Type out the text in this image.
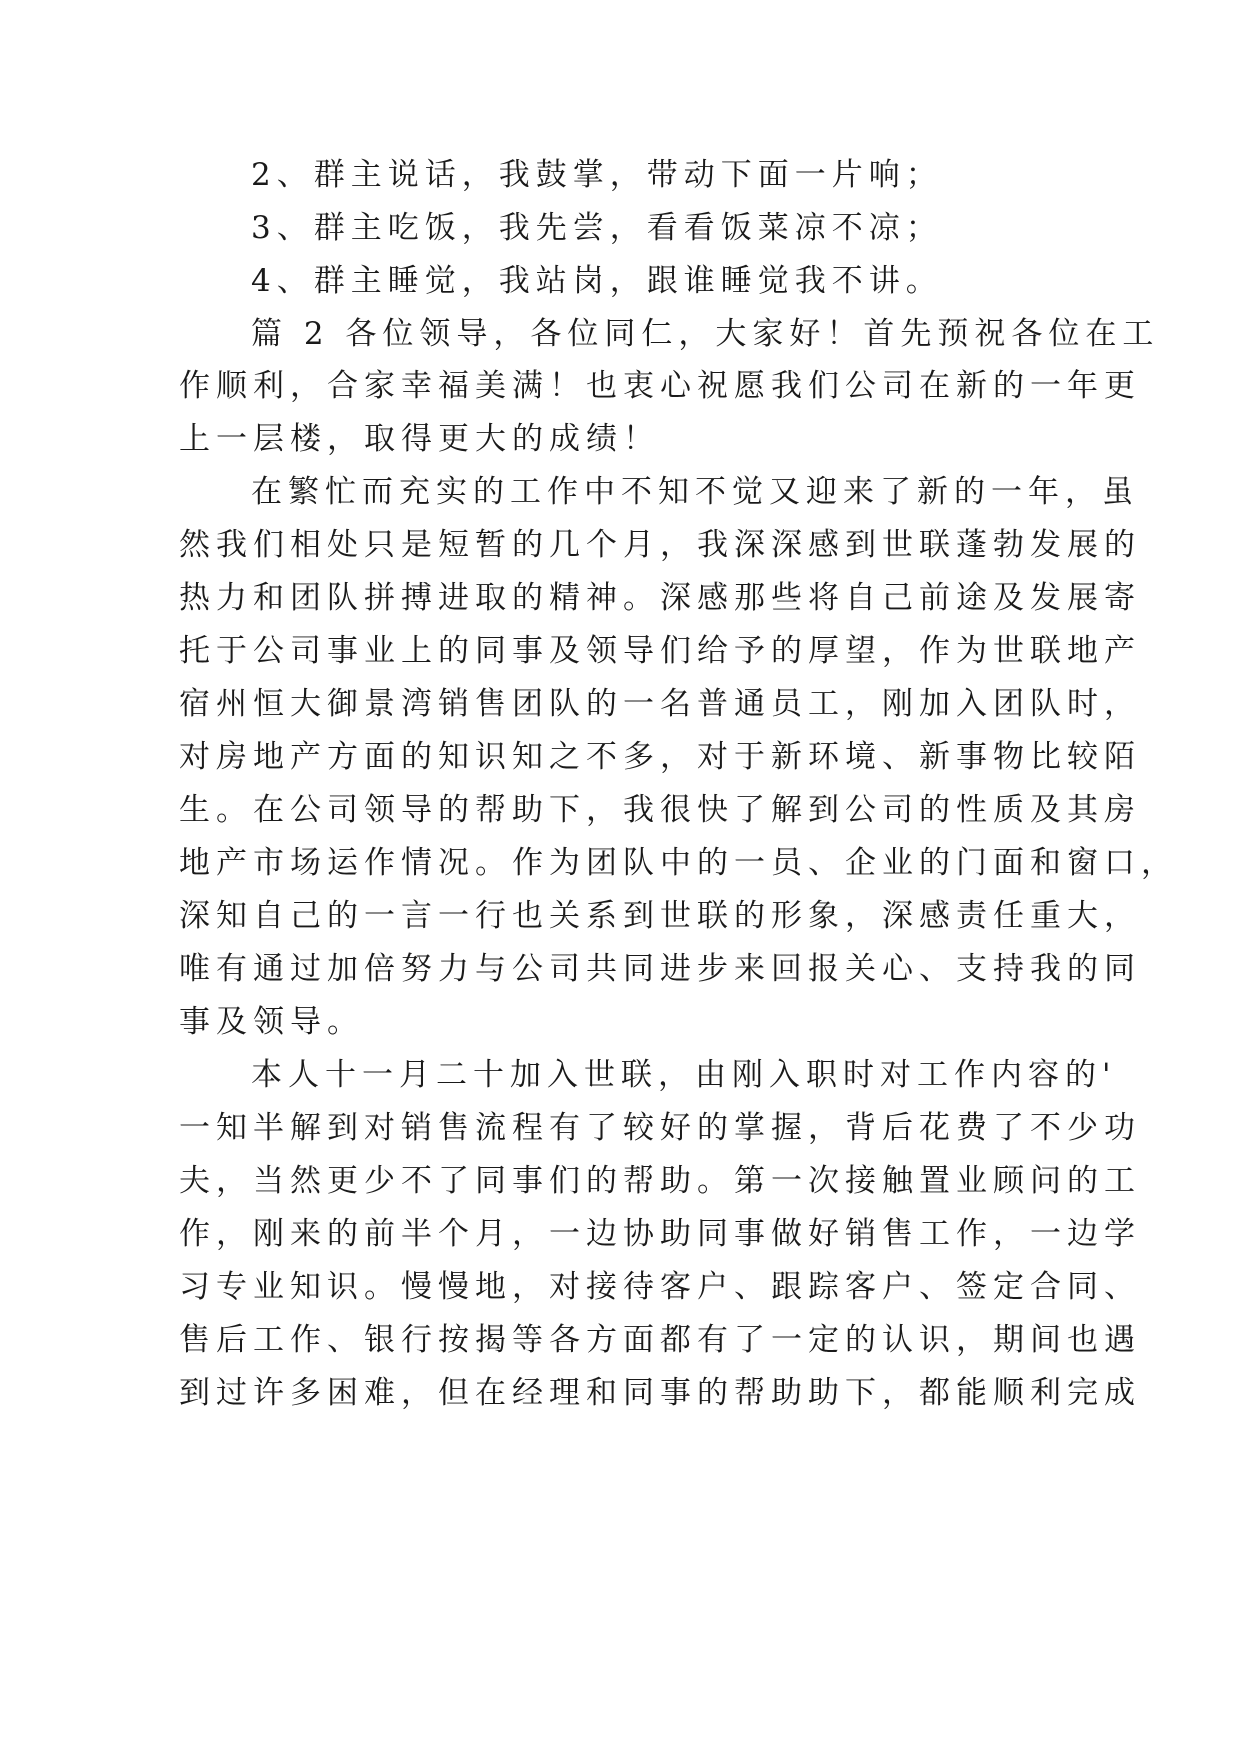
2、群主说话，我鼓掌，带动下面一片响；
3、群主吃饭，我先尝，看看饭菜凉不凉；
4、群主睡觉，我站岗，跟谁睡觉我不讲。
篇 2 各位领导，各位同仁，大家好！首先预祝各位在工
作顺利，合家幸福美满！也衷心祝愿我们公司在新的一年更
上一层楼，取得更大的成绩！
在繁忙而充实的工作中不知不觉又迎来了新的一年，虽
然我们相处只是短暂的几个月，我深深感到世联蓬勃发展的
热力和团队拼搏进取的精神。深感那些将自己前途及发展寄
托于公司事业上的同事及领导们给予的厚望，作为世联地产
宿州恒大御景湾销售团队的一名普通员工，刚加入团队时，
对房地产方面的知识知之不多，对于新环境、新事物比较陌
生。在公司领导的帮助下，我很快了解到公司的性质及其房
地产市场运作情况。作为团队中的一员、企业的门面和窗口，
深知自己的一言一行也关系到世联的形象，深感责任重大，
唯有通过加倍努力与公司共同进步来回报关心、支持我的同
事及领导。
本人十一月二十加入世联，由刚入职时对工作内容的'
一知半解到对销售流程有了较好的掌握，背后花费了不少功
夫，当然更少不了同事们的帮助。第一次接触置业顾问的工
作，刚来的前半个月，一边协助同事做好销售工作，一边学
习专业知识。慢慢地，对接待客户、跟踪客户、签定合同、
售后工作、银行按揭等各方面都有了一定的认识，期间也遇
到过许多困难，但在经理和同事的帮助助下，都能顺利完成
